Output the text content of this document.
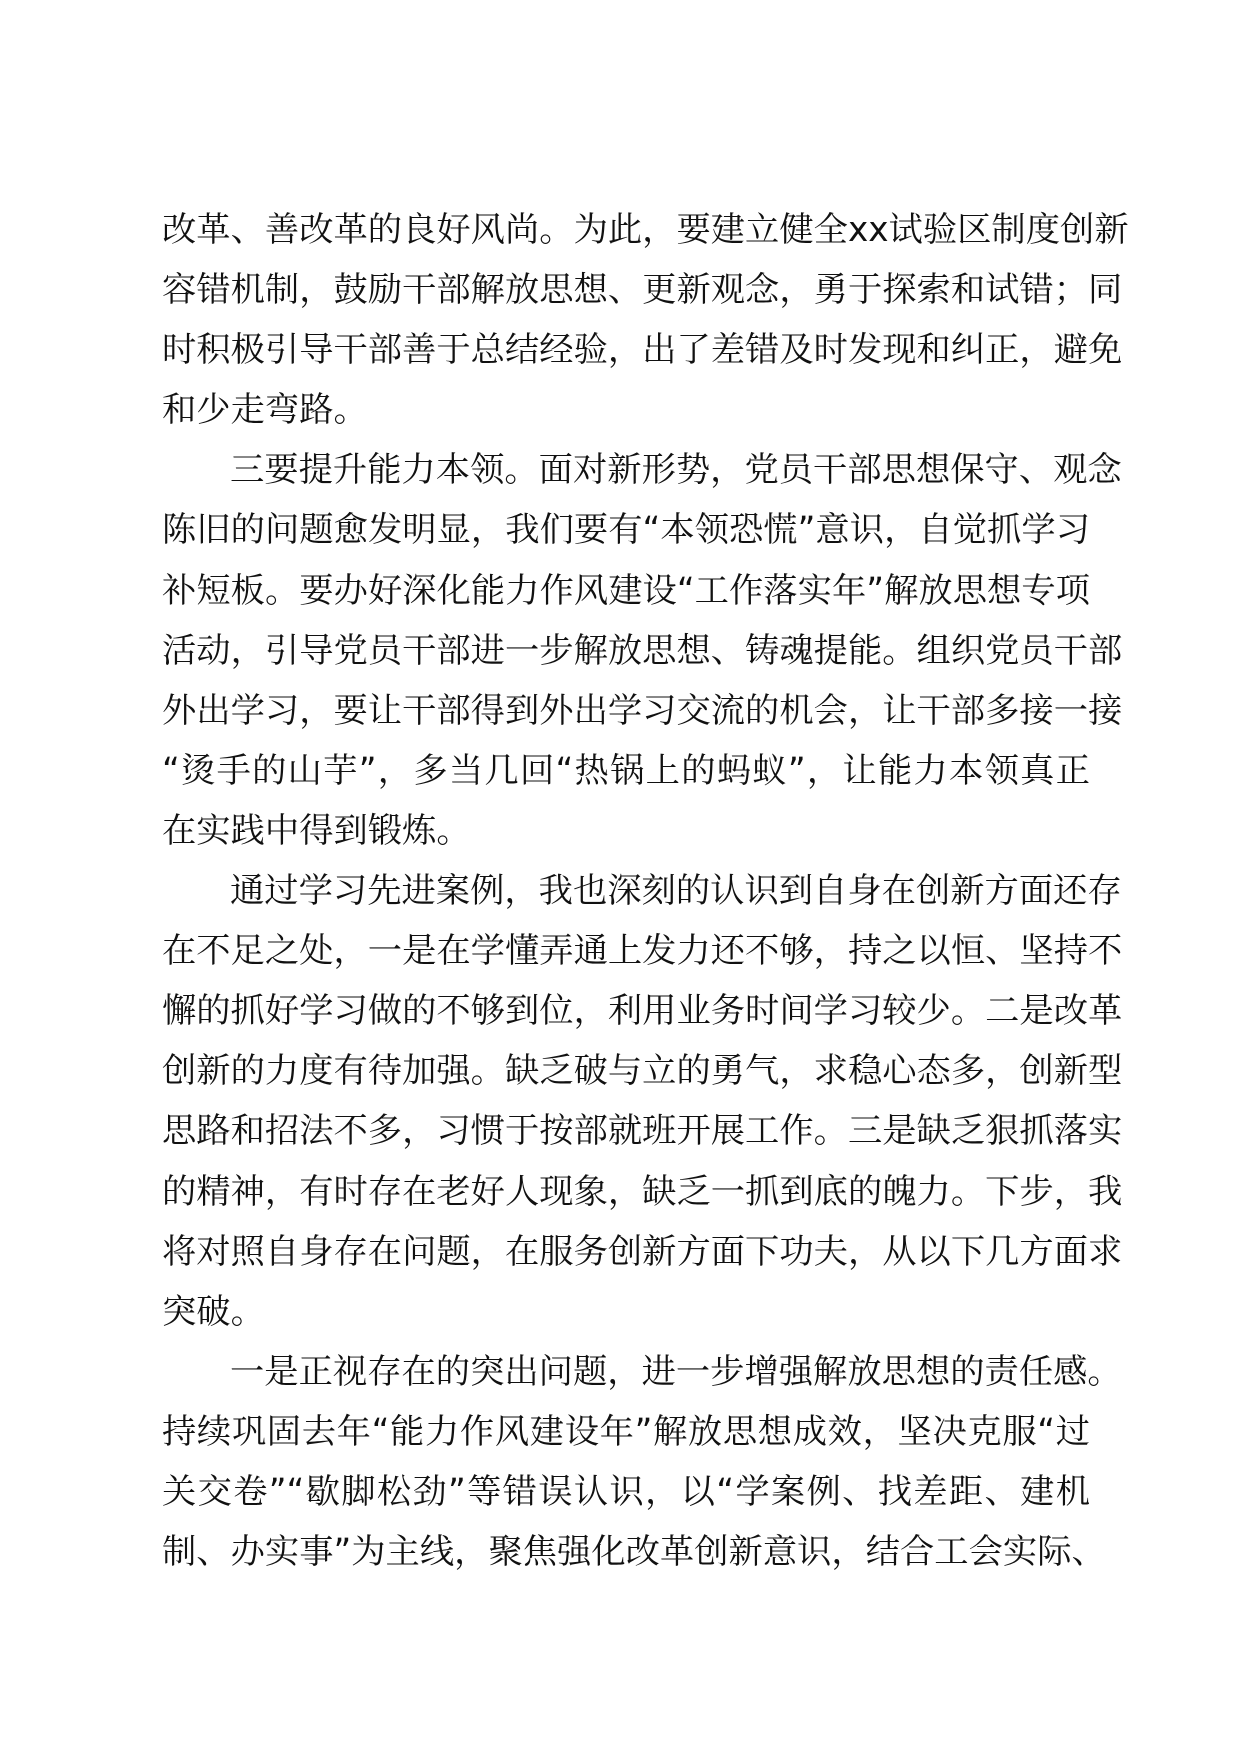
改革、善改革的良好风尚。为此，要建立健全xx试验区制度创新
容错机制，鼓励干部解放思想、更新观念，勇于探索和试错；同
时积极引导干部善于总结经验，出了差错及时发现和纠正，避免
和少走弯路。
三要提升能力本领。面对新形势，党员干部思想保守、观念
陈旧的问题愈发明显，我们要有“本领恐慌”意识，自觉抓学习
补短板。要办好深化能力作风建设“工作落实年”解放思想专项
活动，引导党员干部进一步解放思想、铸魂提能。组织党员干部
外出学习，要让干部得到外出学习交流的机会，让干部多接一接
“烫手的山芋”，多当几回“热锅上的蚂蚁”，让能力本领真正
在实践中得到锻炼。
通过学习先进案例，我也深刻的认识到自身在创新方面还存
在不足之处，一是在学懂弄通上发力还不够，持之以恒、坚持不
懈的抓好学习做的不够到位，利用业务时间学习较少。二是改革
创新的力度有待加强。缺乏破与立的勇气，求稳心态多，创新型
思路和招法不多，习惯于按部就班开展工作。三是缺乏狠抓落实
的精神，有时存在老好人现象，缺乏一抓到底的魄力。下步，我
将对照自身存在问题，在服务创新方面下功夫，从以下几方面求
突破。
一是正视存在的突出问题，进一步增强解放思想的责任感。
持续巩固去年“能力作风建设年”解放思想成效，坚决克服“过
关交卷”“歇脚松劲”等错误认识，以“学案例、找差距、建机
制、办实事”为主线，聚焦强化改革创新意识，结合工会实际、
